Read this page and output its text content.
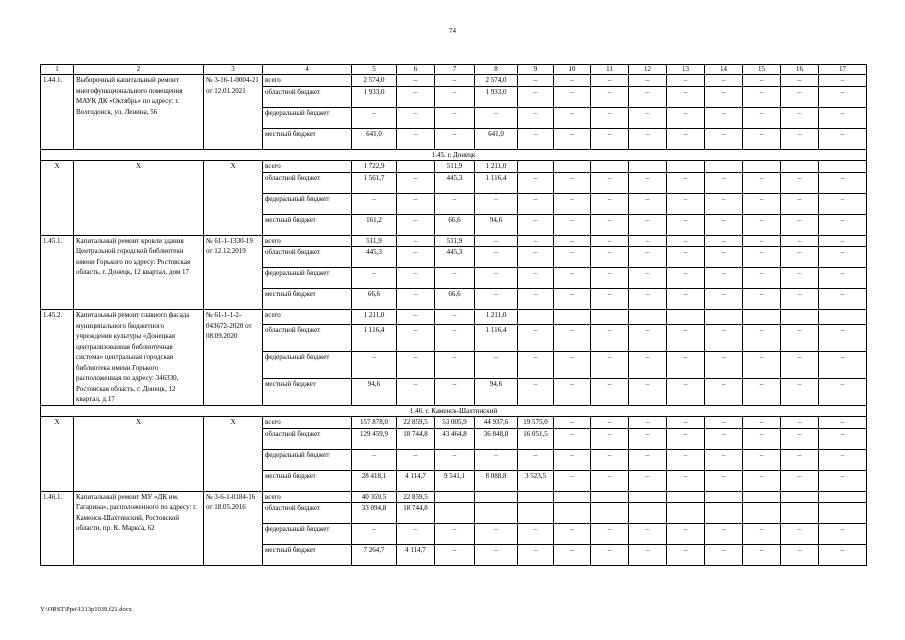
74
1	2	3	4	5	6	7	8	9	10	11	12	13	14	15	16	17
1.44.1.	Выборочный капитальный ремонт многофункционального помещения МАУК ДК «Октябрь» по адресу: г. Волгодонск, ул. Ленина, 56	№ 3-16-1-0004-21 от 12.01.2021	всего	2 574,0	–	–	2 574,0	–	–	–	–	–	–	–	–	–
			областной бюджет	1 933,0	–	–	1 933,0	–	–	–	–	–	–	–	–	–
			федеральный бюджет	–	–	–	–	–	–	–	–	–	–	–	–	–
			местный бюджет	641,0	–	–	641,0	–	–	–	–	–	–	–	–	–
1.45. г. Донецк																
Х	Х	Х	всего	1 722,9		511,9	1 211,0									
			областной бюджет	1 561,7	–	445,3	1 116,4	–	–	–	–	–	–	–	–	–
			федеральный бюджет	–	–	–	–	–	–	–	–	–	–	–	–	–
			местный бюджет	161,2	–	66,6	94,6	–	–	–	–	–	–	–	–	–
1.45.1.	Капитальный ремонт кровли здания Центральной городской библиотеки имени Горького по адресу: Ростовская область, г. Донецк, 12 квартал, дом 17	№ 61-1-1330-19 от 12.12.2019	всего	511,9	–	511,9	–	–	–	–	–	–	–	–	–	–
			областной бюджет	445,3	–	445,3	–	–	–	–	–	–	–	–	–	–
			федеральный бюджет	–	–	–	–	–	–	–	–	–	–	–	–	–
			местный бюджет	66,6	–	66,6	–	–	–	–	–	–	–	–	–	–
1.45.2.	Капитальный ремонт главного фасада муниципального бюджетного учреждения культуры «Донецкая централизованная библиотечная система» центральная городская библиотека имени Горького расположенная по адресу: 346330, Ростовская область, г. Донецк, 12 квартал, д.17	№ 61-1-1-2-043672-2020 от 08.09.2020	всего	1 211,0	–	–	1 211,0									
			областной бюджет	1 116,4	–	–	1 116,4	–	–	–	–	–	–	–	–	–
			федеральный бюджет	–	–	–	–	–	–	–	–	–	–	–	–	–
			местный бюджет	94,6	–	–	94,6	–	–	–	–	–	–	–	–	–
1.46. г. Каменск-Шахтинский																
Х	Х	Х	всего	157 878,0	22 859,5	53 005,9	44 937,6	19 575,0	–	–	–	–	–	–	–	–
			областной бюджет	129 459,9	18 744,8	43 464,8	36 848,8	16 051,5	–	–	–	–	–	–	–	–
			федеральный бюджет	–	–	–	–	–	–	–	–	–	–	–	–	–
			местный бюджет	28 418,1	4 114,7	9 541,1	8 088,8	3 523,5	–	–	–	–	–	–	–	–
1.46.1.	Капитальный ремонт МУ «ДК им. Гагарина», расположенного по адресу: г. Каменск-Шахтинский, Ростовской области, пр. К. Маркса, 62	№ 3-6-1-0184-16 от 18.05.2016	всего	40 359,5	22 859,5											
			областной бюджет	33 094,8	18 744,8											
			федеральный бюджет	–	–	–	–	–	–	–	–	–	–	–	–	–
			местный бюджет	7 264,7	4 114,7	–	–	–	–	–	–	–	–	–	–	–
Y:\ORST\Ppo\1213p1039.f21.docx
